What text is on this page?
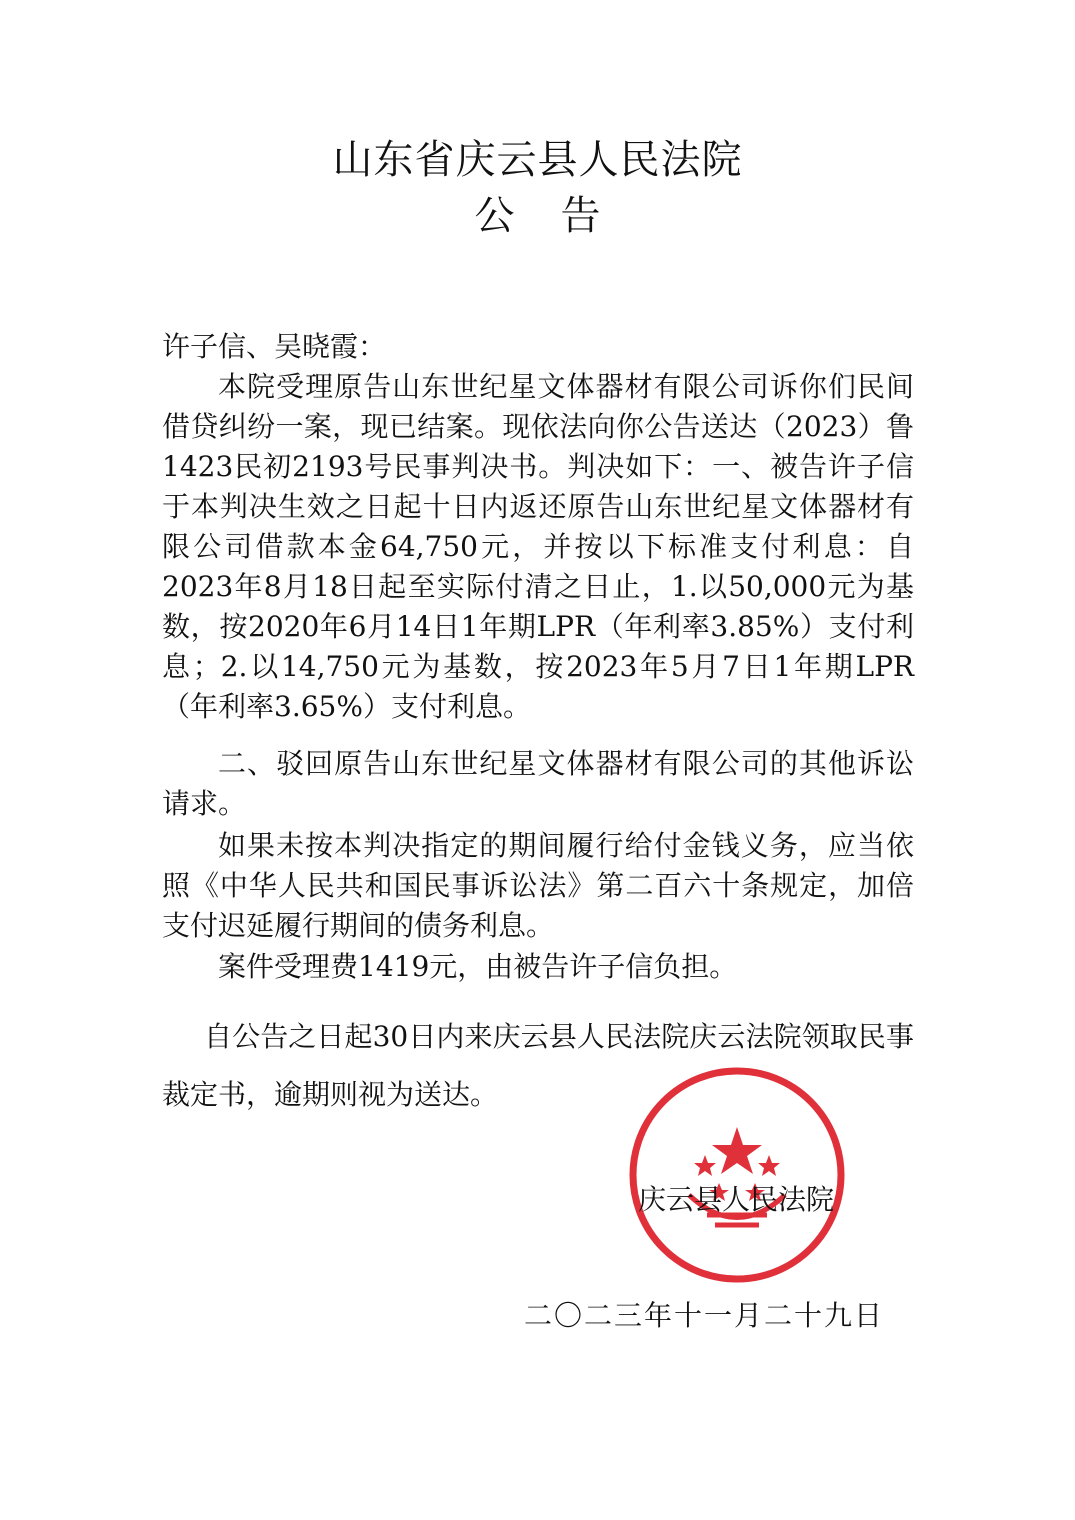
山东省庆云县人民法院
公告

许子信、吴晓霞：

本院受理原告山东世纪星文体器材有限公司诉你们民间借贷纠纷一案，现已结案。现依法向你公告送达（2023）鲁1423民初2193号民事判决书。判决如下：一、被告许子信于本判决生效之日起十日内返还原告山东世纪星文体器材有限公司借款本金64,750元，并按以下标准支付利息：自2023年8月18日起至实际付清之日止，1.以50,000元为基数，按2020年6月14日1年期LPR（年利率3.85%）支付利息；2.以14,750元为基数，按2023年5月7日1年期LPR（年利率3.65%）支付利息。

二、驳回原告山东世纪星文体器材有限公司的其他诉讼请求。

如果未按本判决指定的期间履行给付金钱义务，应当依照《中华人民共和国民事诉讼法》第二百六十条规定，加倍支付迟延履行期间的债务利息。

案件受理费1419元，由被告许子信负担。

自公告之日起30日内来庆云县人民法院庆云法院领取民事裁定书，逾期则视为送达。

庆云县人民法院
二〇二三年十一月二十九日
